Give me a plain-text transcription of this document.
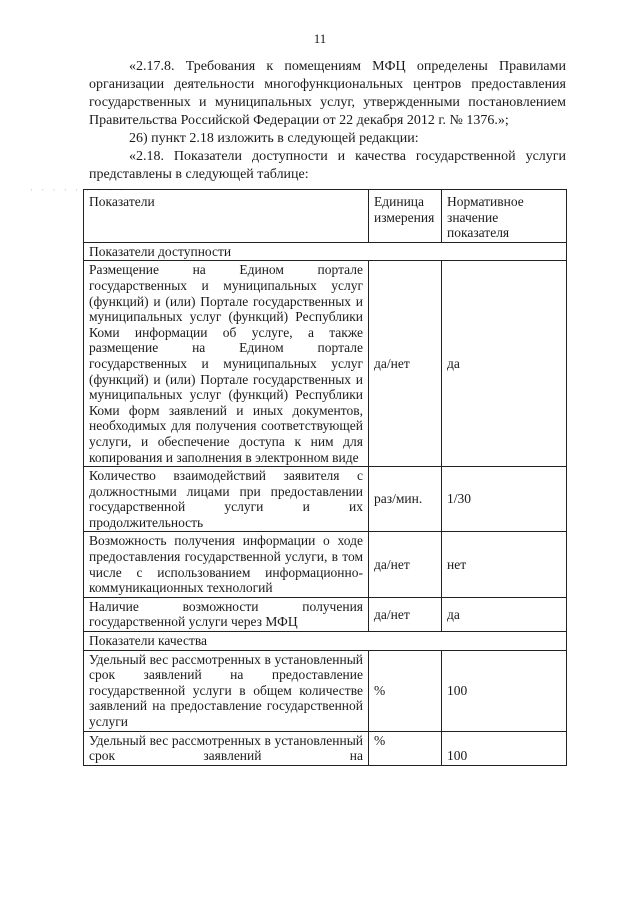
11
«2.17.8. Требования к помещениям МФЦ определены Правилами организации деятельности многофункциональных центров предоставления государственных и муниципальных услуг, утвержденными постановлением Правительства Российской Федерации от 22 декабря 2012 г. № 1376.»;
26) пункт 2.18 изложить в следующей редакции:
«2.18. Показатели доступности и качества государственной услуги представлены в следующей таблице:
· · · · · · · · ·
Показатели	Единица измерения	Нормативное значение показателя
Показатели доступности		
Размещение на Едином портале государственных и муниципальных услуг (функций) и (или) Портале государственных и муниципальных услуг (функций) Республики Коми информации об услуге, а также размещение на Едином портале государственных и муниципальных услуг (функций) и (или) Портале государственных и муниципальных услуг (функций) Республики Коми форм заявлений и иных документов, необходимых для получения соответствующей услуги, и обеспечение доступа к ним для копирования и заполнения в электронном виде	да/нет	да
Количество взаимодействий заявителя с должностными лицами при предоставлении государственной услуги и их продолжительность	раз/мин.	1/30
Возможность получения информации о ходе предоставления государственной услуги, в том числе с использованием информационно-коммуникационных технологий	да/нет	нет
Наличие возможности получения государственной услуги через МФЦ	да/нет	да
Показатели качества		
Удельный вес рассмотренных в установленный срок заявлений на предоставление государственной услуги в общем количестве заявлений на предоставление государственной услуги	%	100
Удельный вес рассмотренных в установленный срок заявлений на	%	100
